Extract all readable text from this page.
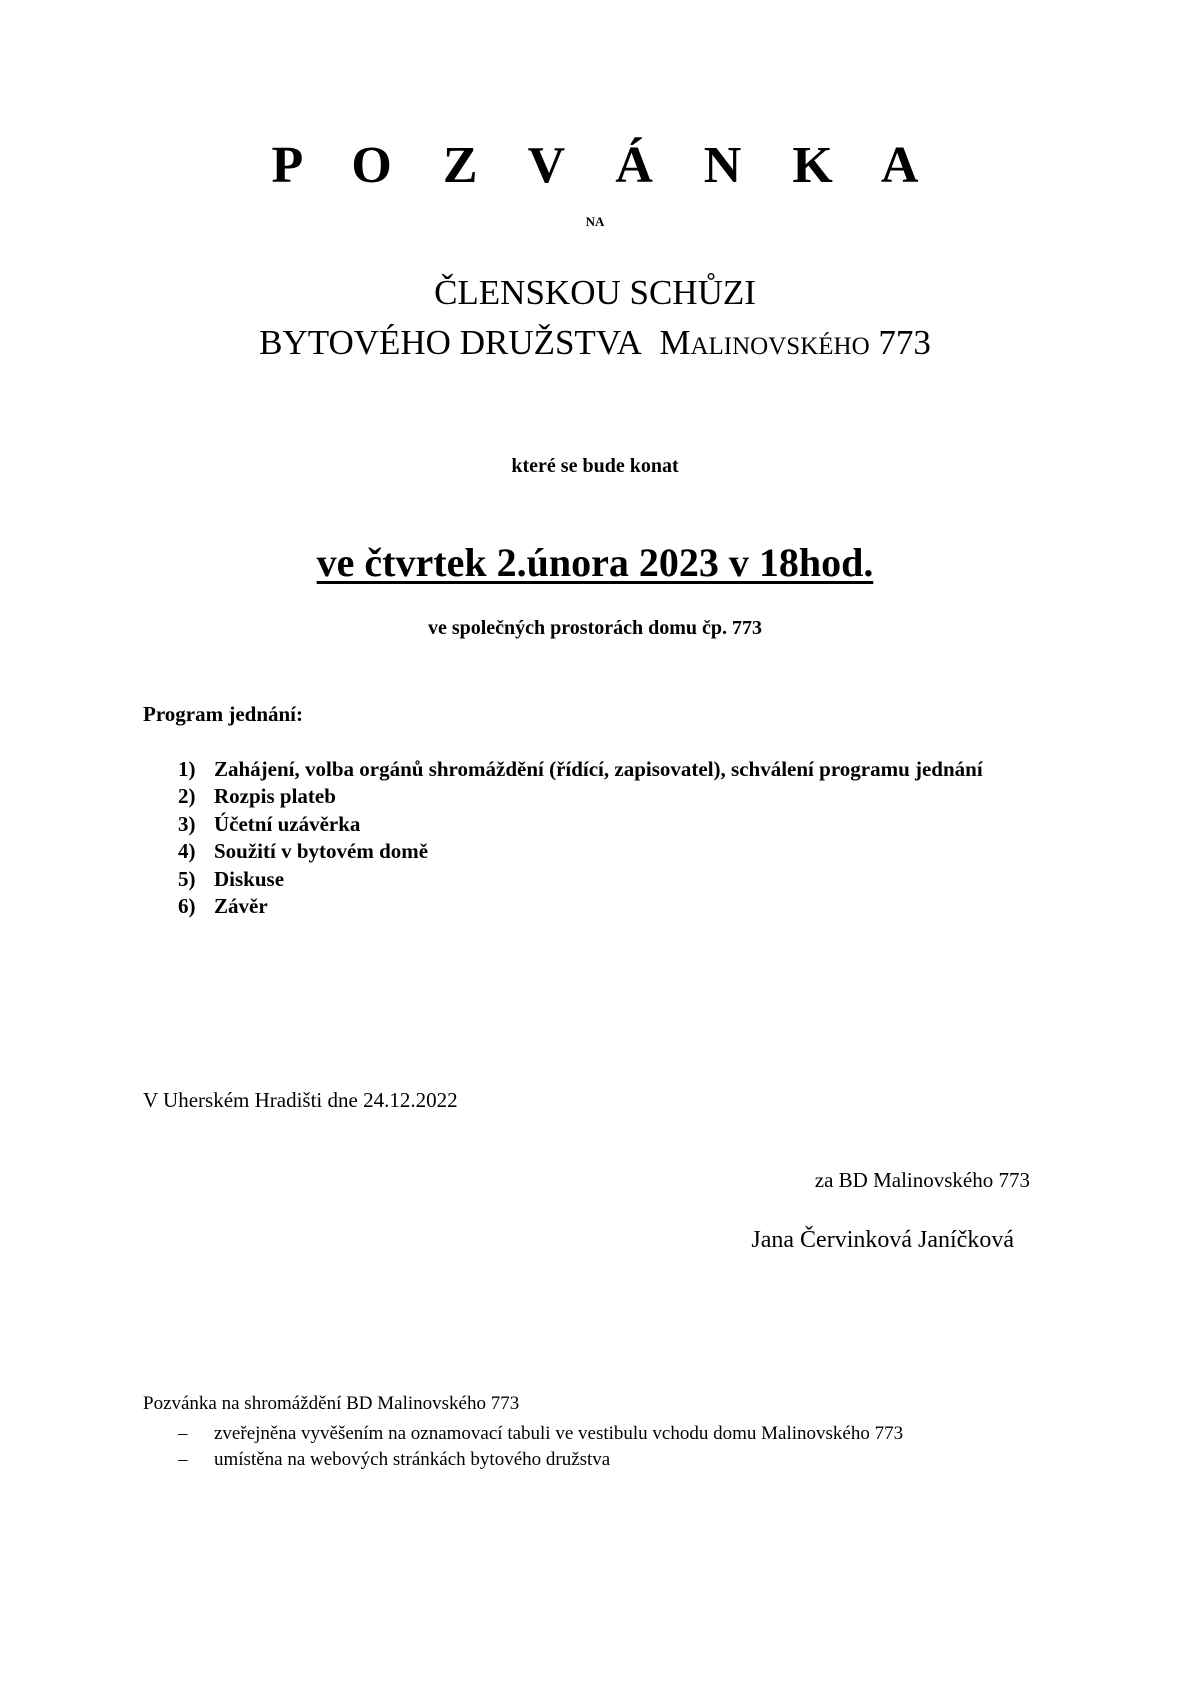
P O Z V Á N K A
NA
ČLENSKOU SCHŮZI
BYTOVÉHO DRUŽSTVA Malinovského 773
které se bude konat
ve čtvrtek 2.února 2023 v 18hod.
ve společných prostorách domu čp. 773
Program jednání:
1) Zahájení, volba orgánů shromáždění (řídící, zapisovatel), schválení programu jednání
2) Rozpis plateb
3) Účetní uzávěrka
4) Soužití v bytovém domě
5) Diskuse
6) Závěr
V Uherském Hradišti dne 24.12.2022
za BD Malinovského 773
Jana Červinková Janíčková
Pozvánka na shromáždění BD Malinovského 773
– zveřejněna vyvěšením na oznamovací tabuli ve vestibulu vchodu domu Malinovského 773
– umístěna na webových stránkách bytového družstva
